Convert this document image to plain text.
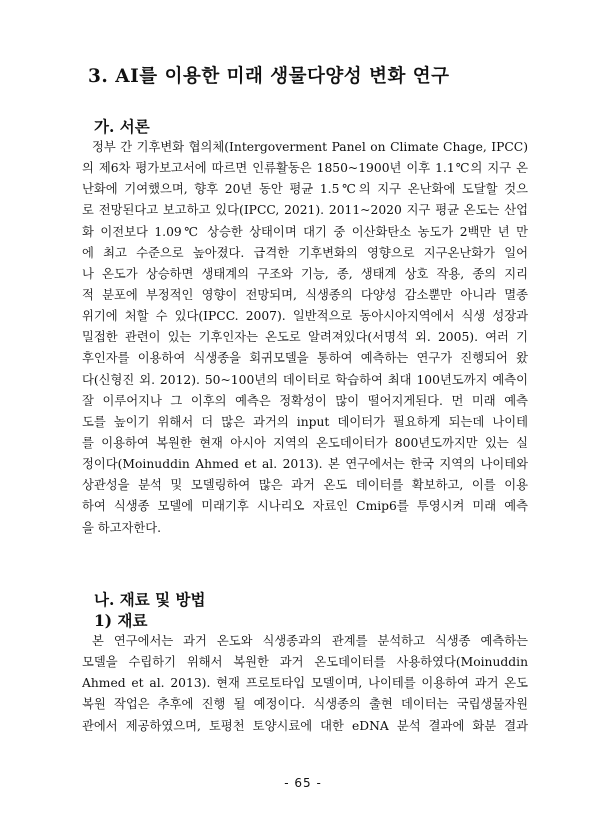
3. AI를 이용한 미래 생물다양성 변화 연구
가. 서론
정부 간 기후변화 협의체(Intergoverment Panel on Climate Chage, IPCC)
의 제6차 평가보고서에 따르면 인류활동은 1850~1900년 이후 1.1℃의 지구 온
난화에 기여했으며, 향후 20년 동안 평균 1.5℃의 지구 온난화에 도달할 것으
로 전망된다고 보고하고 있다(IPCC, 2021). 2011~2020 지구 평균 온도는 산업
화 이전보다 1.09℃ 상승한 상태이며 대기 중 이산화탄소 농도가 2백만 년 만
에 최고 수준으로 높아졌다. 급격한 기후변화의 영향으로 지구온난화가 일어
나 온도가 상승하면 생태계의 구조와 기능, 종, 생태계 상호 작용, 종의 지리
적 분포에 부정적인 영향이 전망되며, 식생종의 다양성 감소뿐만 아니라 멸종
위기에 처할 수 있다(IPCC. 2007). 일반적으로 동아시아지역에서 식생 성장과
밀접한 관련이 있는 기후인자는 온도로 알려져있다(서명석 외. 2005). 여러 기
후인자를 이용하여 식생종을 회귀모델을 통하여 예측하는 연구가 진행되어 왔
다(신형진 외. 2012). 50~100년의 데이터로 학습하여 최대 100년도까지 예측이
잘 이루어지나 그 이후의 예측은 정확성이 많이 떨어지게된다. 먼 미래 예측
도를 높이기 위해서 더 많은 과거의 input 데이터가 필요하게 되는데 나이테
를 이용하여 복원한 현재 아시아 지역의 온도데이터가 800년도까지만 있는 실
정이다(Moinuddin Ahmed et al. 2013). 본 연구에서는 한국 지역의 나이테와
상관성을 분석 및 모델링하여 많은 과거 온도 데이터를 확보하고, 이를 이용
하여 식생종 모델에 미래기후 시나리오 자료인 Cmip6를 투영시켜 미래 예측
을 하고자한다.
나. 재료 및 방법
1) 재료
본 연구에서는 과거 온도와 식생종과의 관계를 분석하고 식생종 예측하는
모델을 수립하기 위해서 복원한 과거 온도데이터를 사용하였다(Moinuddin
Ahmed et al. 2013). 현재 프로토타입 모델이며, 나이테를 이용하여 과거 온도
복원 작업은 추후에 진행 될 예정이다. 식생종의 출현 데이터는 국립생물자원
관에서 제공하였으며, 토평천 토양시료에 대한 eDNA 분석 결과에 화분 결과
- 65 -
